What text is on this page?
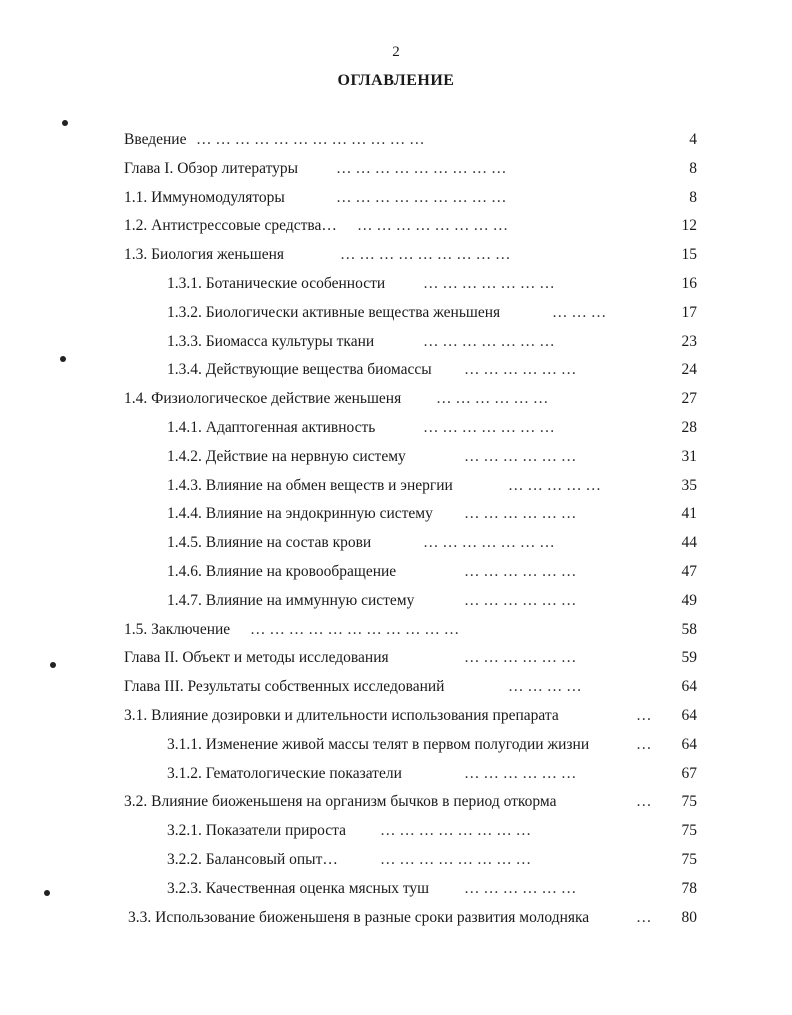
2
ОГЛАВЛЕНИЕ
Введение … … … … … … … … … … … …	4
Глава I. Обзор литературы … … … … … … … … …	8
1.1. Иммуномодуляторы	… … … … … … … … …	8
1.2. Антистрессовые средства… … … … … … … … …	12
1.3. Биология женьшеня	… … … … … … … … …	15
1.3.1. Ботанические особенности … … … … … … …	16
1.3.2. Биологически активные вещества женьшеня	… … …	17
1.3.3. Биомасса культуры ткани	… … … … … … …	23
1.3.4. Действующие вещества биомассы … … … … … …	24
1.4. Физиологическое действие женьшеня … … … … … …	27
1.4.1. Адаптогенная активность	… … … … … … …	28
1.4.2. Действие на нервную систему	… … … … … …	31
1.4.3. Влияние на обмен веществ и энергии	… … … … …	35
1.4.4. Влияние на эндокринную систему … … … … … …	41
1.4.5. Влияние на состав крови	… … … … … … …	44
1.4.6. Влияние на кровообращение	… … … … … …	47
1.4.7. Влияние на иммунную систему	… … … … … …	49
1.5. Заключение … … … … … … … … … … …	58
Глава II. Объект и методы исследования	… … … … … …	59
Глава III. Результаты собственных исследований	… … … …	64
3.1. Влияние дозировки и длительности использования препарата	…	64
3.1.1. Изменение живой массы телят в первом полугодии жизни	…	64
3.1.2. Гематологические показатели	… … … … … …	67
3.2. Влияние биоженьшеня на организм бычков в период откорма	…	75
3.2.1. Показатели прироста … … … … … … … …	75
3.2.2. Балансовый опыт…	… … … … … … … …	75
3.2.3. Качественная оценка мясных туш … … … … … …	78
3.3. Использование биоженьшеня в разные сроки развития молодняка	…	80
